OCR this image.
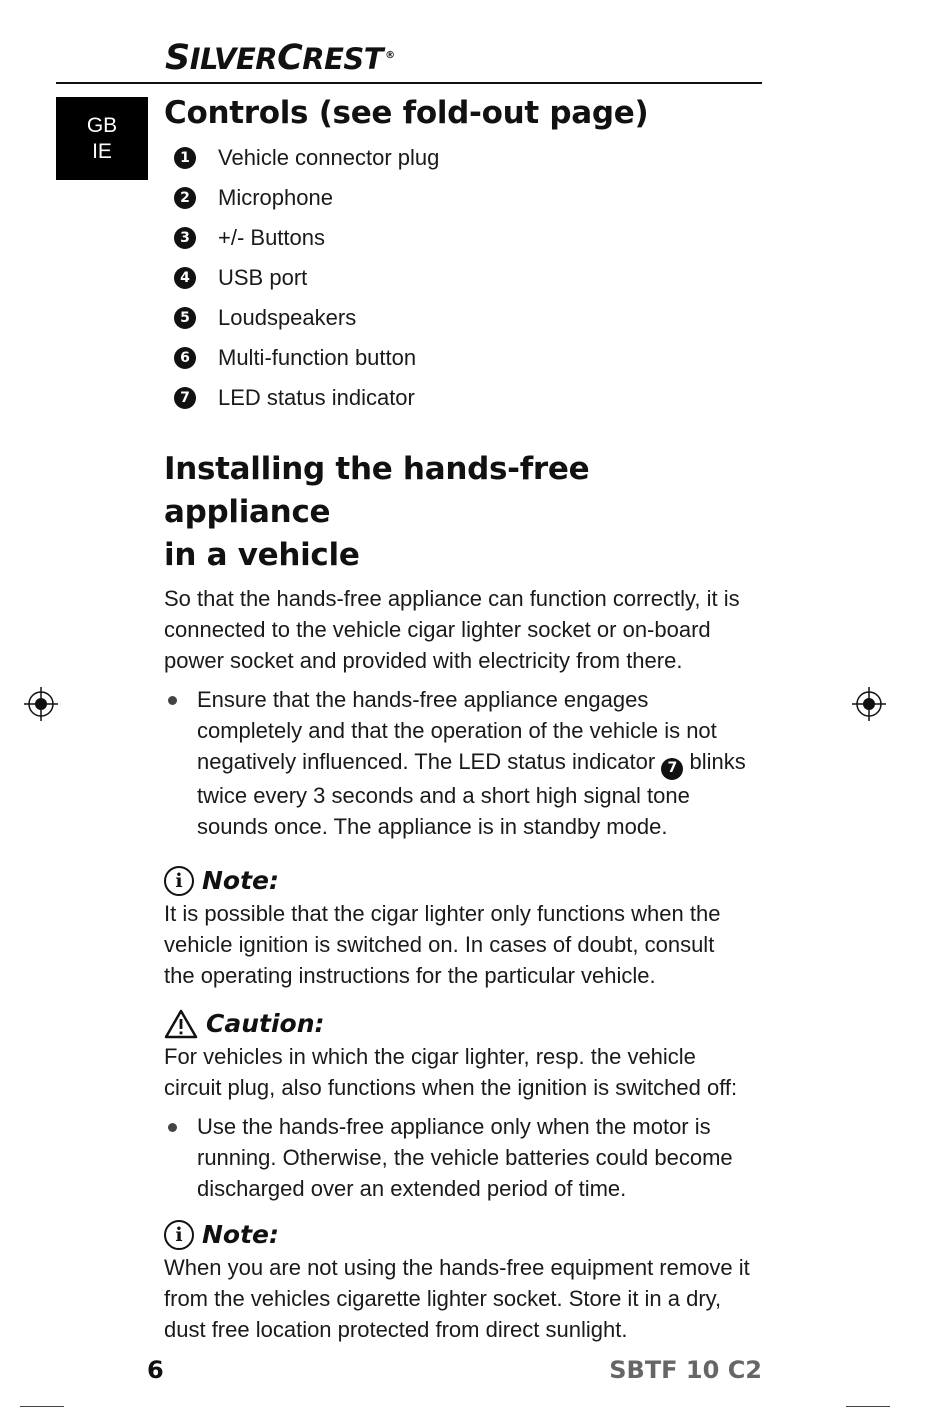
SILVERCREST ®
GB
IE
Controls (see fold-out page)
1 Vehicle connector plug
2 Microphone
3 +/- Buttons
4 USB port
5 Loudspeakers
6 Multi-function button
7 LED status indicator
Installing the hands-free appliance
in a vehicle

So that the hands-free appliance can function correctly, it is connected to the vehicle cigar lighter socket or on-board power socket and provided with electricity from there.

Ensure that the hands-free appliance engages completely and that the operation of the vehicle is not negatively influenced. The LED status indicator 7 blinks twice every 3 seconds and a short high signal tone sounds once. The appliance is in standby mode.
i Note:

It is possible that the cigar lighter only functions when the vehicle ignition is switched on. In cases of doubt, consult the operating instructions for the particular vehicle.

Caution:

For vehicles in which the cigar lighter, resp. the vehicle circuit plug, also functions when the ignition is switched off:

Use the hands-free appliance only when the motor is running. Otherwise, the vehicle batteries could become discharged over an extended period of time.
i Note:

When you are not using the hands-free equipment remove it from the vehicles cigarette lighter socket. Store it in a dry, dust free location protected from direct sunlight.

6	SBTF 10 C2
